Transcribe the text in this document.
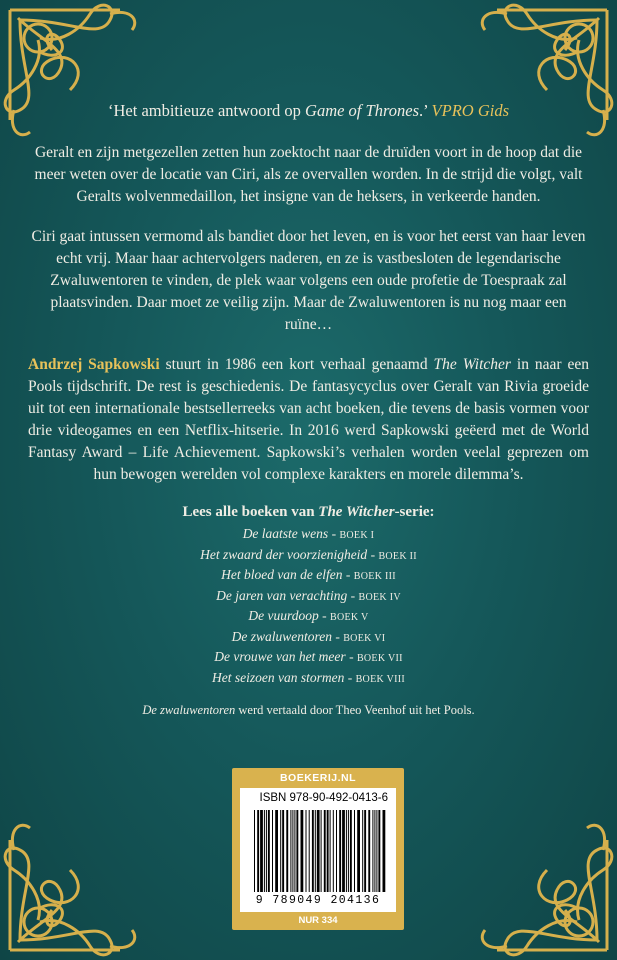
‘Het ambitieuze antwoord op Game of Thrones.’ VPRO Gids

Geralt en zijn metgezellen zetten hun zoektocht naar de druïden voort in de hoop dat die meer weten over de locatie van Ciri, als ze overvallen worden. In de strijd die volgt, valt Geralts wolvenmedaillon, het insigne van de heksers, in verkeerde handen.

Ciri gaat intussen vermomd als bandiet door het leven, en is voor het eerst van haar leven echt vrij. Maar haar achtervolgers naderen, en ze is vastbesloten de legendarische Zwaluwentoren te vinden, de plek waar volgens een oude profetie de Toespraak zal plaatsvinden. Daar moet ze veilig zijn. Maar de Zwaluwentoren is nu nog maar een ruïne…

Andrzej Sapkowski stuurt in 1986 een kort verhaal genaamd The Witcher in naar een Pools tijdschrift. De rest is geschiedenis. De fantasycyclus over Geralt van Rivia groeide uit tot een internationale bestsellerreeks van acht boeken, die tevens de basis vormen voor drie videogames en een Netflix-hitserie. In 2016 werd Sapkowski geëerd met de World Fantasy Award – Life Achievement. Sapkowski’s verhalen worden veelal geprezen om hun bewogen werelden vol complexe karakters en morele dilemma’s.

Lees alle boeken van The Witcher-serie:
De laatste wens - BOEK I
Het zwaard der voorzienigheid - BOEK II
Het bloed van de elfen - BOEK III
De jaren van verachting - BOEK IV
De vuurdoop - BOEK V
De zwaluwentoren - BOEK VI
De vrouwe van het meer - BOEK VII
Het seizoen van stormen - BOEK VIII
De zwaluwentoren werd vertaald door Theo Veenhof uit het Pools.
BOEKERIJ.NL
ISBN 978-90-492-0413-6
9 789049 204136
NUR 334
